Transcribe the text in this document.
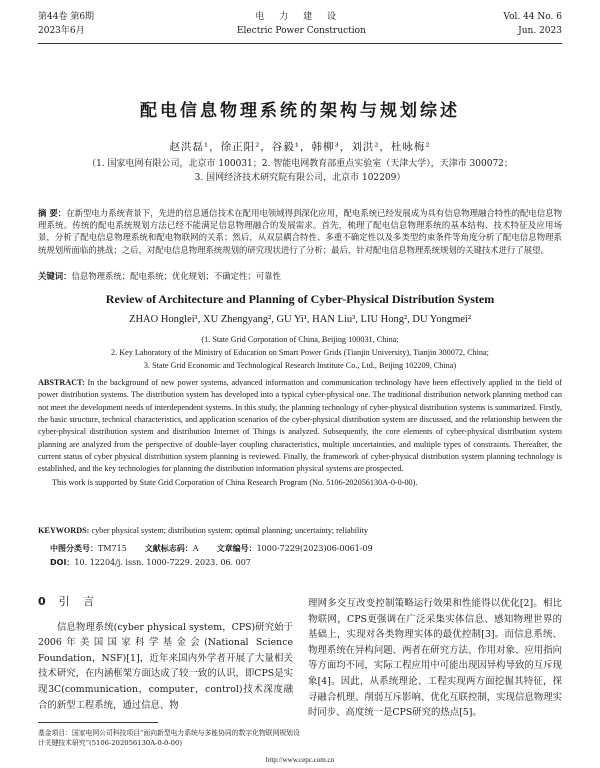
第44卷 第6期	电 力 建 设	Vol. 44 No. 6
2023年6月	Electric Power Construction	Jun. 2023
配电信息物理系统的架构与规划综述
赵洪磊¹，徐正阳²，谷毅¹，韩柳³，刘洪²，杜咏梅²
（1. 国家电网有限公司，北京市 100031；2. 智能电网教育部重点实验室（天津大学），天津市 300072；
3. 国网经济技术研究院有限公司，北京市 102209）
摘 要：在新型电力系统背景下，先进的信息通信技术在配用电领域得到深化应用，配电系统已经发展成为具有信息物理融合特性的配电信息物理系统。传统的配电系统规划方法已经不能满足信息物理融合的发展需求。首先，梳理了配电信息物理系统的基本结构、技术特征及应用场景，分析了配电信息物理系统和配电物联网的关系；然后，从双层耦合特性、多重不确定性以及多类型约束条件等角度分析了配电信息物理系统规划所面临的挑战；之后，对配电信息物理系统规划的研究现状进行了分析；最后，针对配电信息物理系统规划的关键技术进行了展望。
关键词：信息物理系统；配电系统；优化规划；不确定性；可靠性
Review of Architecture and Planning of Cyber-Physical Distribution System
ZHAO Honglei¹, XU Zhengyang², GU Yi¹, HAN Liu³, LIU Hong², DU Yongmei²
(1. State Grid Corporation of China, Beijing 100031, China;
2. Key Laboratory of the Ministry of Education on Smart Power Grids (Tianjin University), Tianjin 300072, China;
3. State Grid Economic and Technological Research Institute Co., Ltd., Beijing 102209, China)
ABSTRACT: In the background of new power systems, advanced information and communication technology have been effectively applied in the field of power distribution systems. The distribution system has developed into a typical cyber-physical one. The traditional distribution network planning method can not meet the development needs of interdependent systems. In this study, the planning technology of cyber-physical distribution systems is summarized. Firstly, the basic structure, technical characteristics, and application scenarios of the cyber-physical distribution system are discussed, and the relationship between the cyber-physical distribution system and distribution Internet of Things is analyzed. Subsequently, the core elements of cyber-physical distribution system planning are analyzed from the perspective of double-layer coupling characteristics, multiple uncertainties, and multiple types of constraints. Thereafter, the current status of cyber physical distribution system planning is reviewed. Finally, the framework of cyber-physical distribution system planning technology is established, and the key technologies for planning the distribution information physical systems are prospected.
This work is supported by State Grid Corporation of China Research Program (No. 5106-202056130A-0-0-00).
KEYWORDS: cyber physical system; distribution system; optimal planning; uncertainty; reliability
中图分类号：TM715 文献标志码：A 文章编号：1000-7229(2023)06-0061-09
DOI：10. 12204/j. issn. 1000-7229. 2023. 06. 007
0 引 言
信息物理系统(cyber physical system，CPS)研究始于2006年美国国家科学基金会(National Science Foundation，NSF)[1]，近年来国内外学者开展了大量相关技术研究，在内涵框架方面达成了较一致的认识，即CPS是实现3C(communication，computer，control)技术深度融合的新型工程系统，通过信息、物
理网多交互改变控制策略运行效果和性能得以优化[2]。相比物联网，CPS更强调在广泛采集实体信息、感知物理世界的基础上，实现对各类物理实体的最优控制[3]。而信息系统、物理系统在异构问题、两者在研究方法、作用对象、应用指向等方面均不同，实际工程应用中可能出现因异构导致的互斥现象[4]。因此，从系统理论、工程实现两方面挖掘其特征，探寻融合机理、削弱互斥影响、优化互联控制，实现信息物理实时同步、高度统一是CPS研究的热点[5]。
基金项目：国家电网公司科技项目“面向新型电力系统与多能协同的数字化物联网规划设计关键技术研究”(5106-202056130A-0-0-00)
http://www.cepc.com.cn
